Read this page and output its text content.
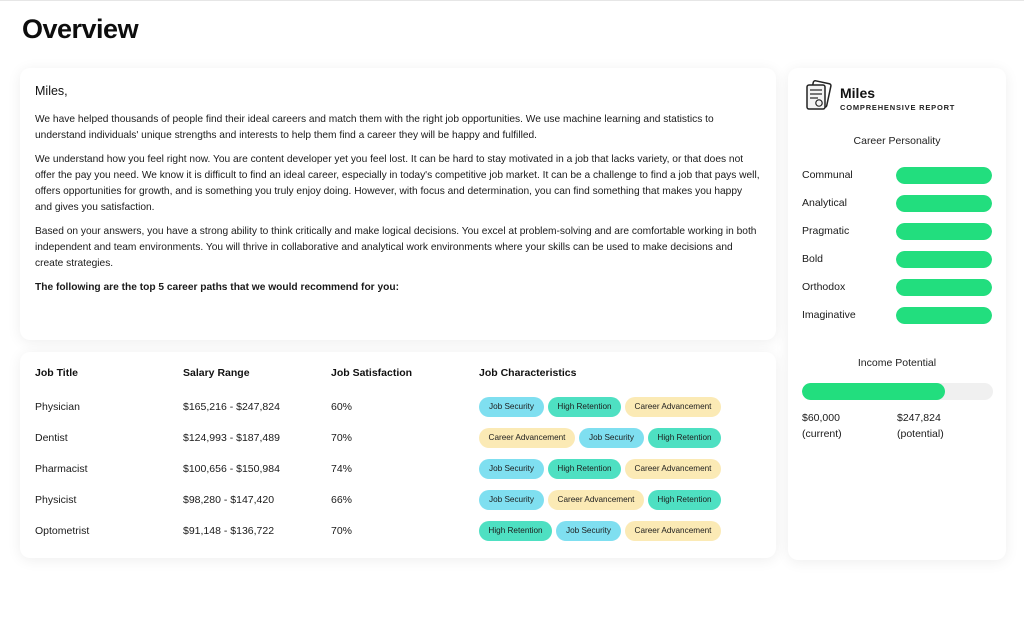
Overview

Miles,

We have helped thousands of people find their ideal careers and match them with the right job opportunities. We use machine learning and statistics to understand individuals' unique strengths and interests to help them find a career they will be happy and fulfilled.

We understand how you feel right now. You are content developer yet you feel lost. It can be hard to stay motivated in a job that lacks variety, or that does not offer the pay you need. We know it is difficult to find an ideal career, especially in today's competitive job market. It can be a challenge to find a job that pays well, offers opportunities for growth, and is something you truly enjoy doing. However, with focus and determination, you can find something that makes you happy and gives you satisfaction.

Based on your answers, you have a strong ability to think critically and make logical decisions. You excel at problem-solving and are comfortable working in both independent and team environments. You will thrive in collaborative and analytical work environments where your skills can be used to make decisions and create strategies.

The following are the top 5 career paths that we would recommend for you:

Job Title	Salary Range	Job Satisfaction	Job Characteristics
Physician	$165,216 - $247,824	60%	Job Security	High Retention	Career Advancement
Dentist	$124,993 - $187,489	70%	Career Advancement	Job Security	High Retention
Pharmacist	$100,656 - $150,984	74%	Job Security	High Retention	Career Advancement
Physicist	$98,280 - $147,420	66%	Job Security	Career Advancement	High Retention
Optometrist	$91,148 - $136,722	70%	High Retention	Job Security	Career Advancement
Miles
COMPREHENSIVE REPORT
Career Personality
Communal
Analytical
Pragmatic
Bold
Orthodox
Imaginative
Income Potential
$60,000
(current)
$247,824
(potential)
